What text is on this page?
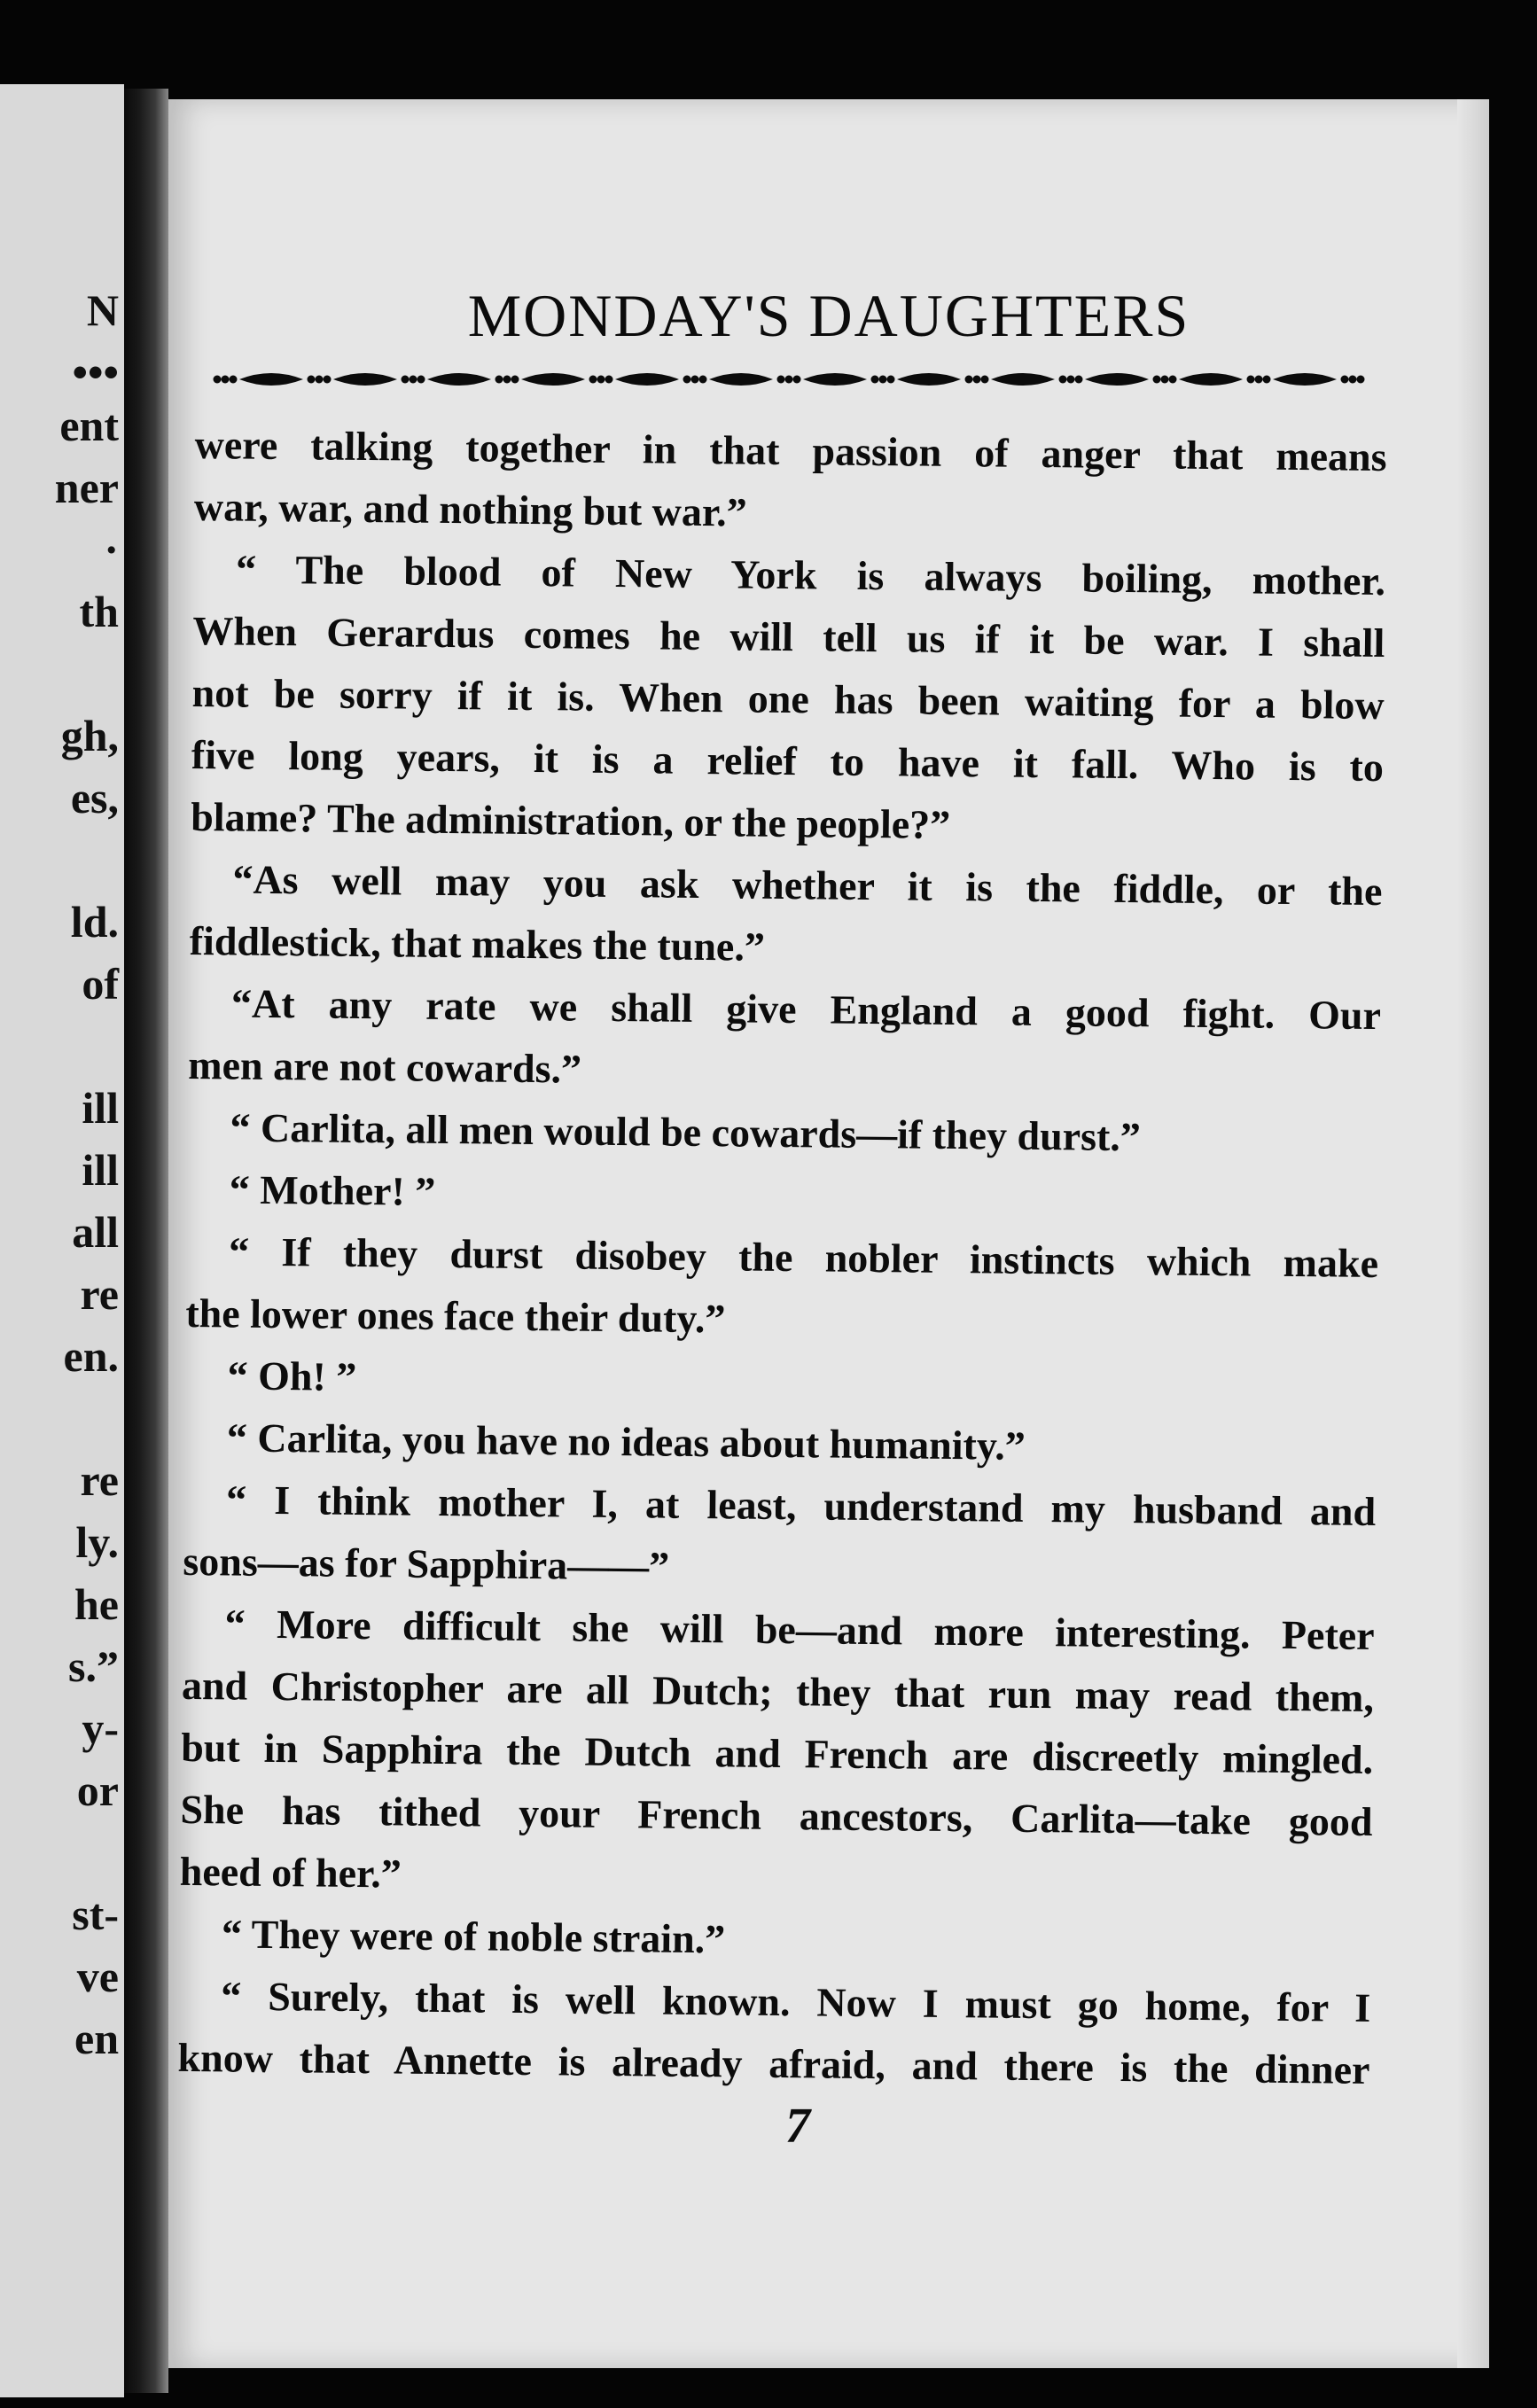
N
•••
ent
ner
·
th
gh,
es,
ld.
of
ill
ill
all
re
en.
re
ly.
he
s.”
y-
or
st-
ve
en
MONDAY'S DAUGHTERS
were talking together in that passion of anger that means
war, war, and nothing but war.”
“ The blood of New York is always boiling, mother.
When Gerardus comes he will tell us if it be war. I shall
not be sorry if it is. When one has been waiting for a blow
five long years, it is a relief to have it fall. Who is to
blame? The administration, or the people?”
“As well may you ask whether it is the fiddle, or the
fiddlestick, that makes the tune.”
“At any rate we shall give England a good fight. Our
men are not cowards.”
“ Carlita, all men would be cowards—if they durst.”
“ Mother! ”
“ If they durst disobey the nobler instincts which make
the lower ones face their duty.”
“ Oh! ”
“ Carlita, you have no ideas about humanity.”
“ I think mother I, at least, understand my husband and
sons—as for Sapphira——”
“ More difficult she will be—and more interesting. Peter
and Christopher are all Dutch; they that run may read them,
but in Sapphira the Dutch and French are discreetly mingled.
She has tithed your French ancestors, Carlita—take good
heed of her.”
“ They were of noble strain.”
“ Surely, that is well known. Now I must go home, for I
know that Annette is already afraid, and there is the dinner
7
